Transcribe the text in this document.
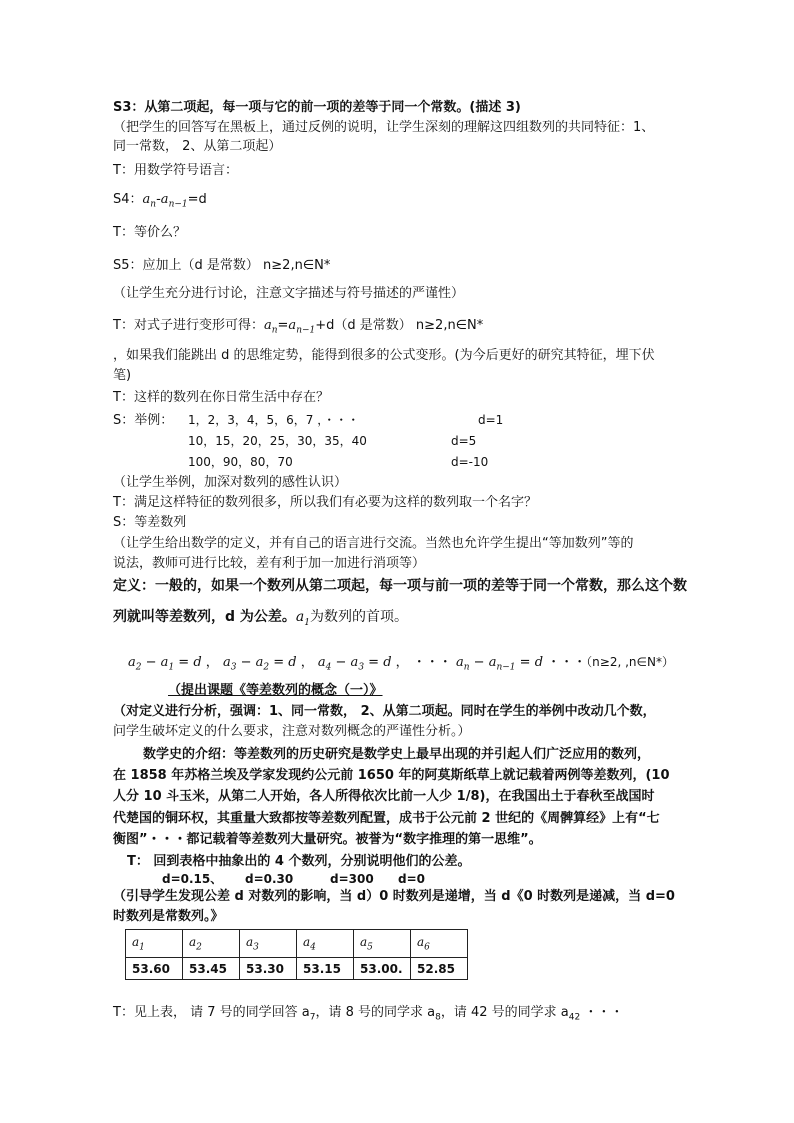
S3：从第二项起，每一项与它的前一项的差等于同一个常数。(描述 3)
（把学生的回答写在黑板上，通过反例的说明，让学生深刻的理解这四组数列的共同特征：1、
同一常数， 2、从第二项起）
T：用数学符号语言：
S4：$a_n-a_{n-1}=d$
T：等价么？
S5：应加上（d 是常数） n≥2,n∈N*
（让学生充分进行讨论，注意文字描述与符号描述的严谨性）
T：对式子进行变形可得：$a_n=a_{n-1}+d(d$ 是常数） n≥2,n∈N*
，如果我们能跳出 d 的思维定势，能得到很多的公式变形。(为今后更好的研究其特征，埋下伏
笔)
T：这样的数列在你日常生活中存在？
S：举例： 1，2，3，4，5，6，7 ，・・・	d=1
10，15，20，25，30，35，40	d=5
100，90，80，70	d=-10
（让学生举例，加深对数列的感性认识）
T：满足这样特征的数列很多，所以我们有必要为这样的数列取一个名字？
S：等差数列
（让学生给出数学的定义，并有自己的语言进行交流。当然也允许学生提出“等加数列”等的
说法，教师可进行比较，差有利于加一加进行消项等）
定义：一般的，如果一个数列从第二项起，每一项与前一项的差等于同一个常数，那么这个数
列就叫等差数列，d 为公差。$a_1$为数列的首项。
$a_2 - a_1 = d$ ， $a_3 - a_2 = d$ ， $a_4 - a_3 = d$ ， ・・・ $a_n - a_{n-1} = d$ ・・・（n≥2, ,n∈N*）
（提出课题《等差数列的概念（一）》
（对定义进行分析，强调：1、同一常数， 2、从第二项起。同时在学生的举例中改动几个数，
问学生破坏定义的什么要求，注意对数列概念的严谨性分析。）
数学史的介绍：等差数列的历史研究是数学史上最早出现的并引起人们广泛应用的数列，
在 1858 年苏格兰埃及学家发现约公元前 1650 年的阿莫斯纸草上就记载着两例等差数列，(10
人分 10 斗玉米，从第二人开始，各人所得依次比前一人少 1/8)，在我国出土于春秋至战国时
代楚国的铜环权，其重量大致都按等差数列配置，成书于公元前 2 世纪的《周髀算经》上有“七
衡图”・・・都记载着等差数列大量研究。被誉为“数字推理的第一思维”。
T： 回到表格中抽象出的 4 个数列，分别说明他们的公差。
d=0.15、 d=0.30	d=300 d=0
（引导学生发现公差 d 对数列的影响，当 d）0 时数列是递增，当 d《0 时数列是递减，当 d=0
时数列是常数列。》
$a_1$	$a_2$	$a_3$	$a_4$	$a_5$	$a_6$
53.60	53.45	53.30	53.15	53.00.	52.85
T：见上表， 请 7 号的同学回答 $a_7$，请 8 号的同学求 $a_8$，请 42 号的同学求 $a_{42}$ ・・・
